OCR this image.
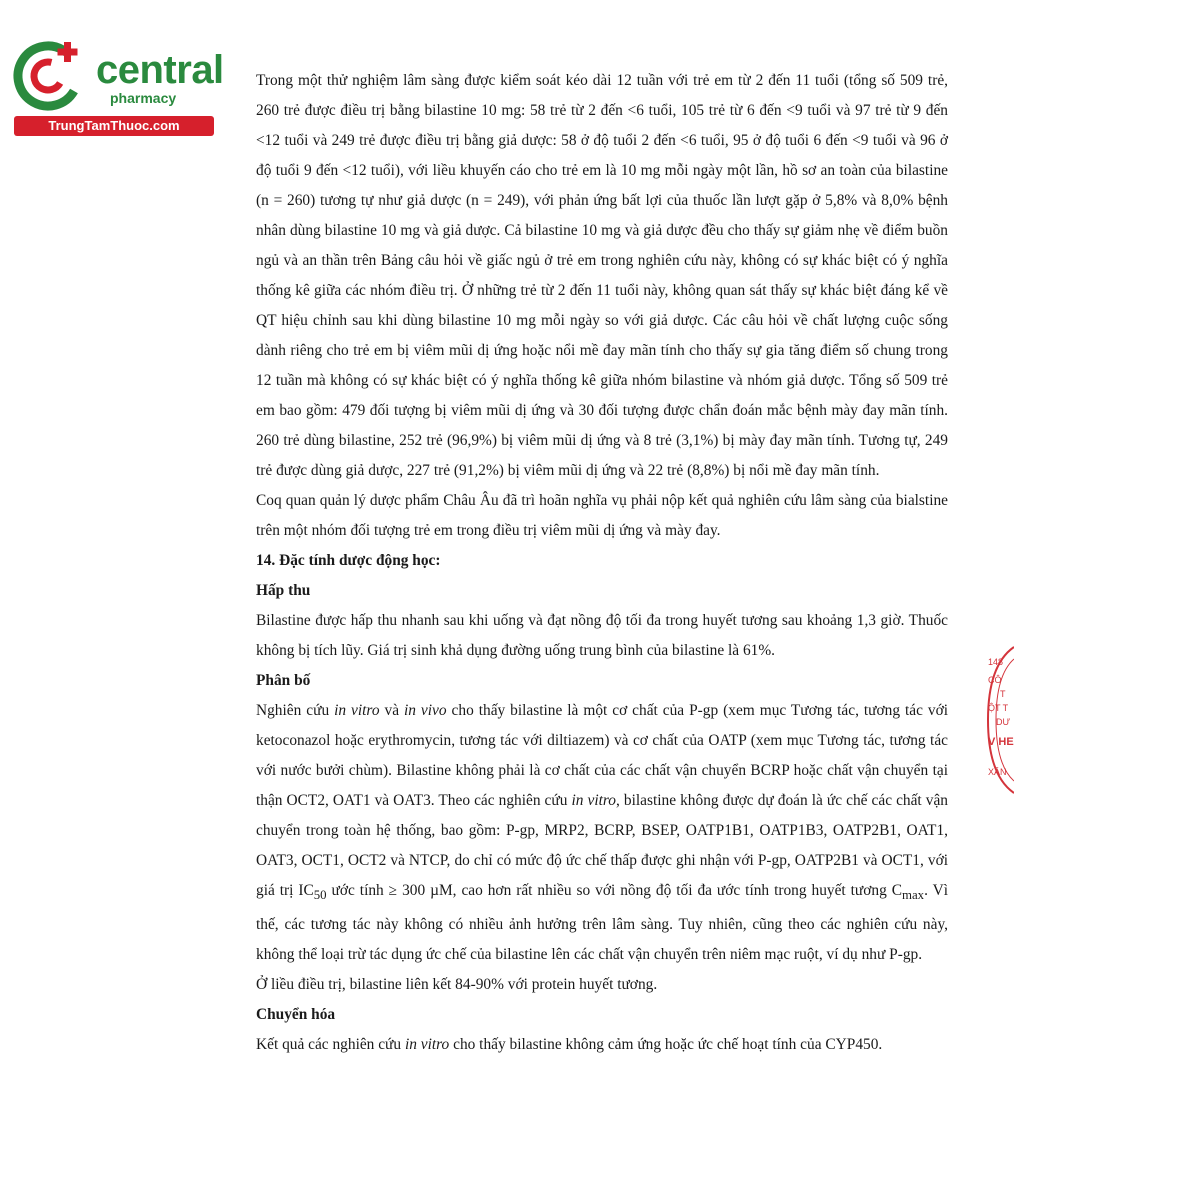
central
pharmacy
TrungTamThuoc.com

Trong một thử nghiệm lâm sàng được kiểm soát kéo dài 12 tuần với trẻ em từ 2 đến 11 tuổi (tổng số 509 trẻ, 260 trẻ được điều trị bằng bilastine 10 mg: 58 trẻ từ 2 đến <6 tuổi, 105 trẻ từ 6 đến <9 tuổi và 97 trẻ từ 9 đến <12 tuổi và 249 trẻ được điều trị bằng giả dược: 58 ở độ tuổi 2 đến <6 tuổi, 95 ở độ tuổi 6 đến <9 tuổi và 96 ở độ tuổi 9 đến <12 tuổi), với liều khuyến cáo cho trẻ em là 10 mg mỗi ngày một lần, hồ sơ an toàn của bilastine (n = 260) tương tự như giả dược (n = 249), với phản ứng bất lợi của thuốc lần lượt gặp ở 5,8% và 8,0% bệnh nhân dùng bilastine 10 mg và giả dược. Cả bilastine 10 mg và giả dược đều cho thấy sự giảm nhẹ về điểm buồn ngủ và an thần trên Bảng câu hỏi về giấc ngủ ở trẻ em trong nghiên cứu này, không có sự khác biệt có ý nghĩa thống kê giữa các nhóm điều trị. Ở những trẻ từ 2 đến 11 tuổi này, không quan sát thấy sự khác biệt đáng kể về QT hiệu chỉnh sau khi dùng bilastine 10 mg mỗi ngày so với giả dược. Các câu hỏi về chất lượng cuộc sống dành riêng cho trẻ em bị viêm mũi dị ứng hoặc nổi mề đay mãn tính cho thấy sự gia tăng điểm số chung trong 12 tuần mà không có sự khác biệt có ý nghĩa thống kê giữa nhóm bilastine và nhóm giả dược. Tổng số 509 trẻ em bao gồm: 479 đối tượng bị viêm mũi dị ứng và 30 đối tượng được chẩn đoán mắc bệnh mày đay mãn tính. 260 trẻ dùng bilastine, 252 trẻ (96,9%) bị viêm mũi dị ứng và 8 trẻ (3,1%) bị mày đay mãn tính. Tương tự, 249 trẻ được dùng giả dược, 227 trẻ (91,2%) bị viêm mũi dị ứng và 22 trẻ (8,8%) bị nổi mề đay mãn tính.

Coq quan quản lý dược phẩm Châu Âu đã trì hoãn nghĩa vụ phải nộp kết quả nghiên cứu lâm sàng của bialstine trên một nhóm đối tượng trẻ em trong điều trị viêm mũi dị ứng và mày đay.

14. Đặc tính dược động học:

Hấp thu

Bilastine được hấp thu nhanh sau khi uống và đạt nồng độ tối đa trong huyết tương sau khoảng 1,3 giờ. Thuốc không bị tích lũy. Giá trị sinh khả dụng đường uống trung bình của bilastine là 61%.

Phân bố

Nghiên cứu in vitro và in vivo cho thấy bilastine là một cơ chất của P-gp (xem mục Tương tác, tương tác với ketoconazol hoặc erythromycin, tương tác với diltiazem) và cơ chất của OATP (xem mục Tương tác, tương tác với nước bưởi chùm). Bilastine không phải là cơ chất của các chất vận chuyển BCRP hoặc chất vận chuyển tại thận OCT2, OAT1 và OAT3. Theo các nghiên cứu in vitro, bilastine không được dự đoán là ức chế các chất vận chuyển trong toàn hệ thống, bao gồm: P-gp, MRP2, BCRP, BSEP, OATP1B1, OATP1B3, OATP2B1, OAT1, OAT3, OCT1, OCT2 và NTCP, do chỉ có mức độ ức chế thấp được ghi nhận với P-gp, OATP2B1 và OCT1, với giá trị $IC_{50}$ ước tính ≥ 300 µM, cao hơn rất nhiều so với nồng độ tối đa ước tính trong huyết tương $C_{max}$. Vì thế, các tương tác này không có nhiều ảnh hưởng trên lâm sàng. Tuy nhiên, cũng theo các nghiên cứu này, không thể loại trừ tác dụng ức chế của bilastine lên các chất vận chuyển trên niêm mạc ruột, ví dụ như P-gp.

Ở liều điều trị, bilastine liên kết 84-90% với protein huyết tương.

Chuyển hóa

Kết quả các nghiên cứu in vitro cho thấy bilastine không cảm ứng hoặc ức chế hoạt tính của CYP450.

148
CÔ
T
ỘT T
DƯ
V HE
XÂN
